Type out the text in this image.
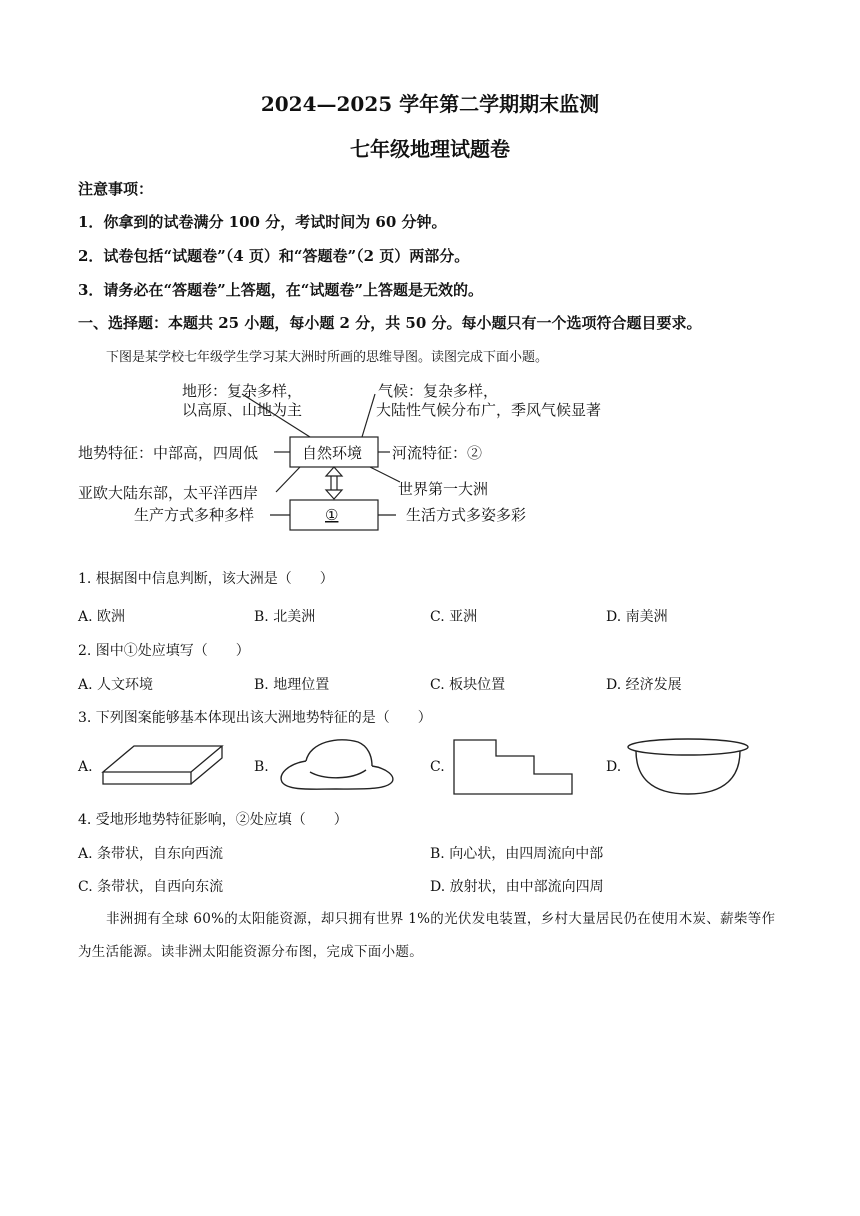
2024—2025 学年第二学期期末监测
七年级地理试题卷
注意事项：
1．你拿到的试卷满分 100 分，考试时间为 60 分钟。
2．试卷包括“试题卷”（4 页）和“答题卷”（2 页）两部分。
3．请务必在“答题卷”上答题，在“试题卷”上答题是无效的。
一、选择题：本题共 25 小题，每小题 2 分，共 50 分。每小题只有一个选项符合题目要求。
下图是某学校七年级学生学习某大洲时所画的思维导图。读图完成下面小题。
地形：复杂多样，
以高原、山地为主
气候：复杂多样，
大陆性气候分布广，季风气候显著
地势特征：中部高，四周低	自然环境 河流特征：②
亚欧大陆东部，太平洋西岸	世界第一大洲
①
生产方式多种多样	生活方式多姿多彩
1. 根据图中信息判断，该大洲是（　　）
A. 欧洲	B. 北美洲	C. 亚洲	D. 南美洲
2. 图中①处应填写（　　）
A. 人文环境	B. 地理位置	C. 板块位置	D. 经济发展
3. 下列图案能够基本体现出该大洲地势特征的是（　　）
A.	B.	C.	D.
4. 受地形地势特征影响，②处应填（　　）
A. 条带状，自东向西流	B. 向心状，由四周流向中部
C. 条带状，自西向东流	D. 放射状，由中部流向四周
非洲拥有全球 60%的太阳能资源，却只拥有世界 1%的光伏发电装置，乡村大量居民仍在使用木炭、薪柴等作为生活能源。读非洲太阳能资源分布图，完成下面小题。
